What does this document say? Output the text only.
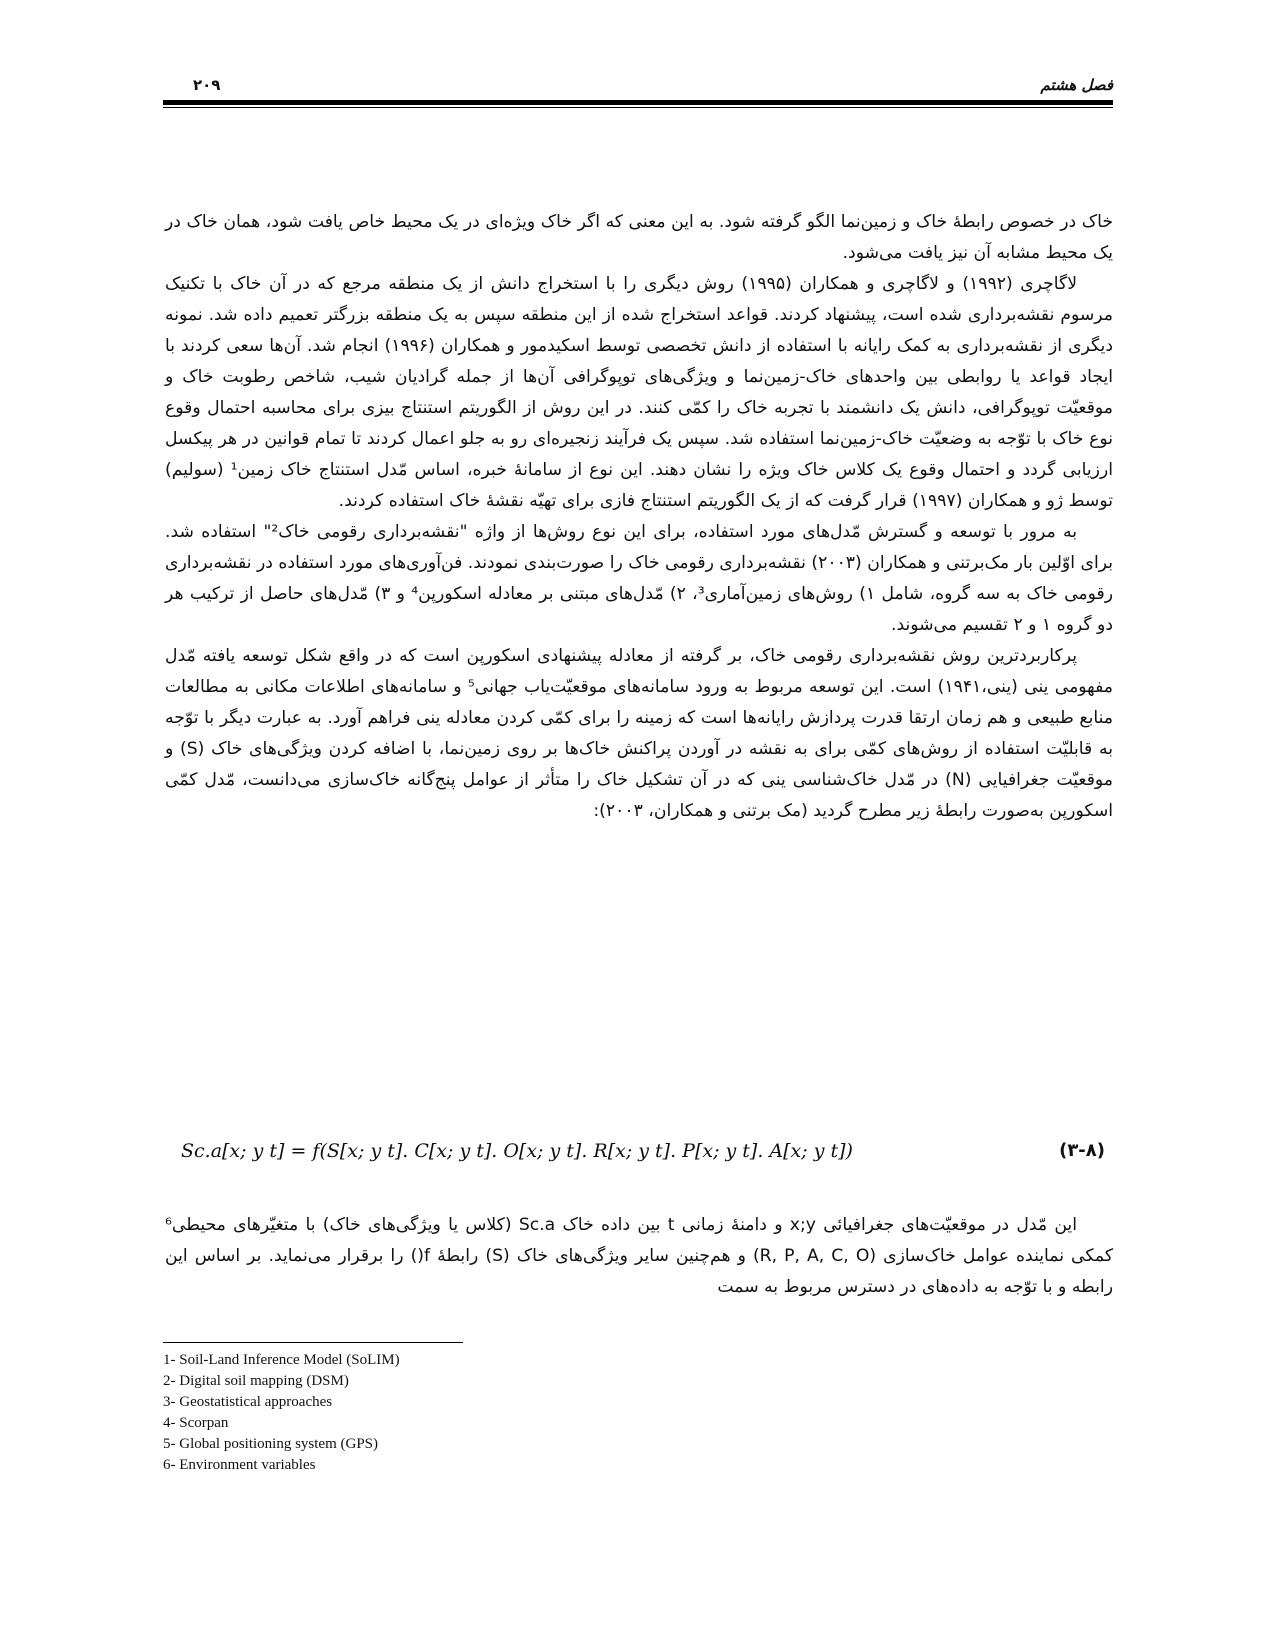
فصل هشتم
۲۰۹

خاک در خصوص رابطۀ خاک و زمین‌نما الگو گرفته شود. به این معنی که اگر خاک ویژه‌ای در یک محیط خاص یافت شود، همان خاک در یک محیط مشابه آن نیز یافت می‌شود.

لاگاچری (۱۹۹۲) و لاگاچری و همکاران (۱۹۹۵) روش دیگری را با استخراج دانش از یک منطقه مرجع که در آن خاک با تکنیک مرسوم نقشه‌برداری شده است، پیشنهاد کردند. قواعد استخراج شده از این منطقه سپس به یک منطقه بزرگتر تعمیم داده شد. نمونه دیگری از نقشه‌برداری به کمک رایانه با استفاده از دانش تخصصی توسط اسکیدمور و همکاران (۱۹۹۶) انجام شد. آن‌ها سعی کردند با ایجاد قواعد یا روابطی بین واحدهای خاک-زمین‌نما و ویژگی‌های توپوگرافی آن‌ها از جمله گرادیان شیب، شاخص رطوبت خاک و موقعیّت توپوگرافی، دانش یک دانشمند با تجربه خاک را کمّی کنند. در این روش از الگوریتم استنتاج بیزی برای محاسبه احتمال وقوع نوع خاک با توّجه به وضعیّت خاک-زمین‌نما استفاده شد. سپس یک فرآیند زنجیره‌ای رو به جلو اعمال کردند تا تمام قوانین در هر پیکسل ارزیابی گردد و احتمال وقوع یک کلاس خاک ویژه را نشان دهند. این نوع از سامانۀ خبره، اساس مّدل استنتاج خاک زمین¹ (سولیم) توسط ژو و همکاران (۱۹۹۷) قرار گرفت که از یک الگوریتم استنتاج فازی برای تهیّه نقشۀ خاک استفاده کردند.

به مرور با توسعه و گسترش مّدل‌های مورد استفاده، برای این نوع روش‌ها از واژه "نقشه‌برداری رقومی خاک²" استفاده شد. برای اوّلین بار مک‌برتنی و همکاران (۲۰۰۳) نقشه‌برداری رقومی خاک را صورت‌بندی نمودند. فن‌آوری‌های مورد استفاده در نقشه‌برداری رقومی خاک به سه گروه، شامل ۱) روش‌های زمین‌آماری³، ۲) مّدل‌های مبتنی بر معادله اسکورپن⁴ و ۳) مّدل‌های حاصل از ترکیب هر دو گروه ۱ و ۲ تقسیم می‌شوند.

پرکاربردترین روش نقشه‌برداری رقومی خاک، بر گرفته از معادله پیشنهادی اسکورپن است که در واقع شکل توسعه یافته مّدل مفهومی ینی (ینی،۱۹۴۱) است. این توسعه مربوط به ورود سامانه‌های موقعیّت‌یاب جهانی⁵ و سامانه‌های اطلاعات مکانی به مطالعات منابع طبیعی و هم زمان ارتقا قدرت پردازش رایانه‌ها است که زمینه را برای کمّی کردن معادله ینی فراهم آورد. به عبارت دیگر با توّجه به قابلیّت استفاده از روش‌های کمّی برای به نقشه در آوردن پراکنش خاک‌ها بر روی زمین‌نما، با اضافه کردن ویژگی‌های خاک (S) و موقعیّت جغرافیایی (N) در مّدل خاک‌شناسی ینی که در آن تشکیل خاک را متأثر از عوامل پنج‌گانه خاک‌سازی می‌دانست، مّدل کمّی اسکورپن به‌صورت رابطۀ زیر مطرح گردید (مک برتنی و همکاران، ۲۰۰۳):

Sc.a[x; y t] = f(S[x; y t]. C[x; y t]. O[x; y t]. R[x; y t]. P[x; y t]. A[x; y t])	(۳-۸)

این مّدل در موقعیّت‌های جغرافیائی x;y و دامنۀ زمانی t بین داده خاک Sc.a (کلاس یا ویژگی‌های خاک) با متغیّرهای محیطی⁶ کمکی نماینده عوامل خاک‌سازی (R, P, A, C, O) و هم‌چنین سایر ویژگی‌های خاک (S) رابطۀ f() را برقرار می‌نماید. بر اساس این رابطه و با توّجه به داده‌های در دسترس مربوط به سمت

1- Soil-Land Inference Model (SoLIM)
2- Digital soil mapping (DSM)
3- Geostatistical approaches
4- Scorpan
5- Global positioning system (GPS)
6- Environment variables
